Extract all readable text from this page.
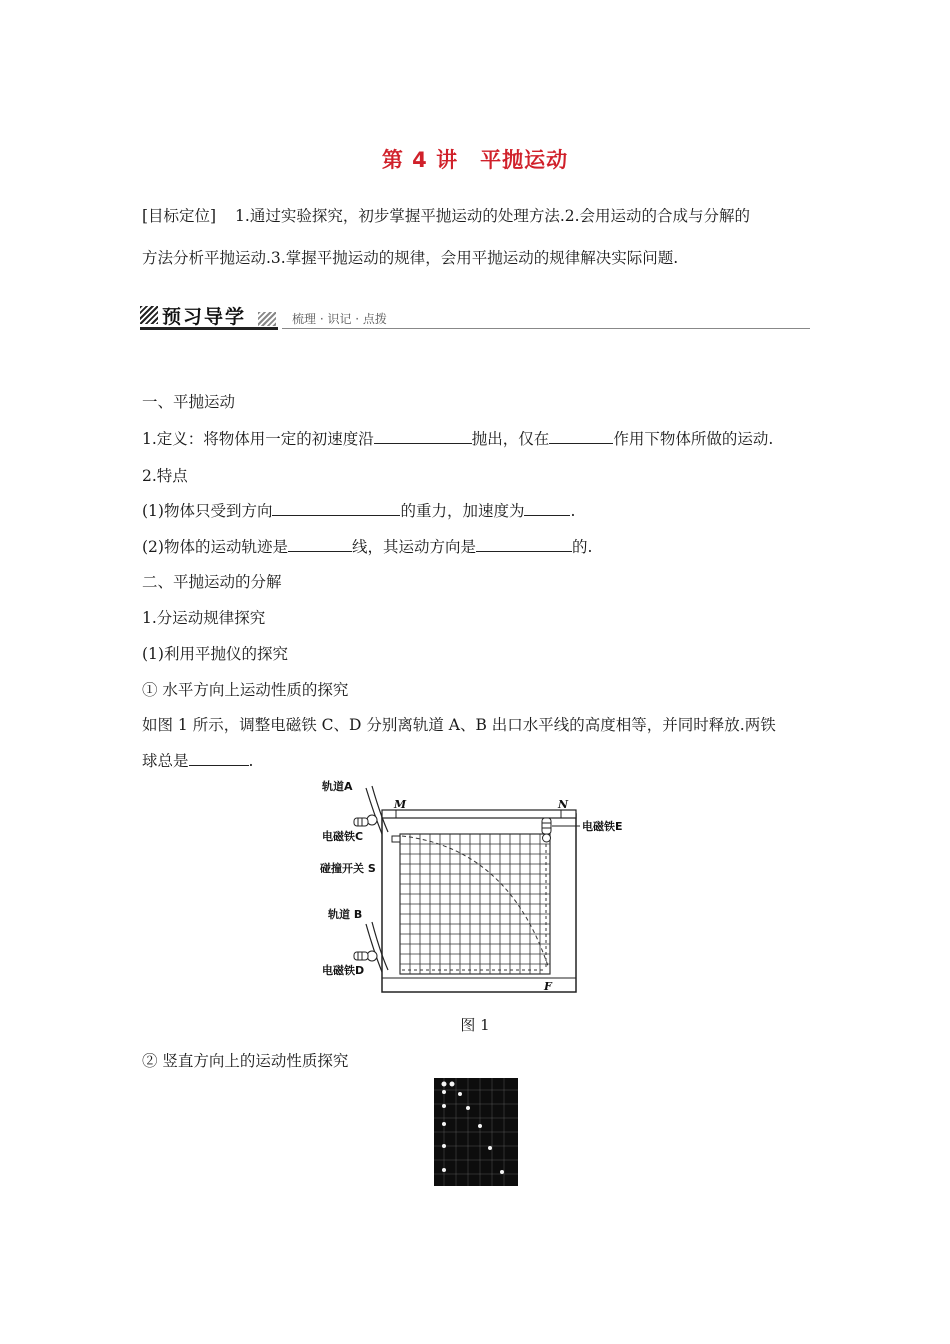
第 4 讲　平抛运动
[目标定位] 1.通过实验探究，初步掌握平抛运动的处理方法.2.会用运动的合成与分解的
方法分析平抛运动.3.掌握平抛运动的规律，会用平抛运动的规律解决实际问题.
预习导学	梳理 · 识记 · 点拨
一、平抛运动
1.定义：将物体用一定的初速度沿	抛出，仅在	作用下物体所做的运动.
2.特点
(1)物体只受到方向	的重力，加速度为	.
(2)物体的运动轨迹是	线，其运动方向是	的.
二、平抛运动的分解
1.分运动规律探究
(1)利用平抛仪的探究
① 水平方向上运动性质的探究
如图 1 所示，调整电磁铁 C、D 分别离轨道 A、B 出口水平线的高度相等，并同时释放.两铁
球总是	.
轨道A
M	N
电磁铁C
电磁铁E
碰撞开关 S
轨道 B
电磁铁D
F
图 1
② 竖直方向上的运动性质探究
